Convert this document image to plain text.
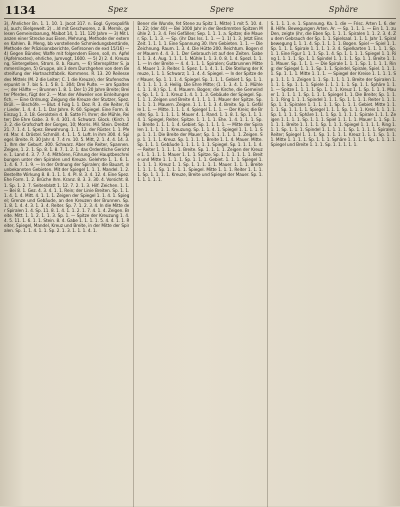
1134	Spez	Spere	Sphäre

3), Ähnlicher Bn. 1. 1. 10. 1. Jacot 317. n. Eogl. Gyrospolifika], auch; Bielgewelt. 2) …ld mit Geschworen, z. B. Mernik, gelesen Gemeinsbarung, Maibot 14, 1. 11. 120 Jahre — 3) Mit Lanzen einer Strecke aus Eisen, Mehrung, Methode der externen Kahlen. B. Meng, bb vorstellende Schmiedungsbestände, Methode der Präzisionsberichte, Gefirsonen de exd 15/16) — 4) Gegen Bündes; Waffe mit folgendem Eisen, soll, m. Apfel (Apfelmostes), ehrliche, Jumvogt, 1600. — 5) 2) 2. 4. Kreuzung, Sintergelben, Strom. 8. b. Raum, — 6) Sternsplitter S. jammerslingen, 5) Gruppe, als 3 dem Durchgehen von dem Bestreifung der Hortnachtfabrik. Kommens. R. 13. 20 Reilesse des Mittels (M. 2 die Leiter; C. 1 die Kreuze), der Stufenschwerpunkt in 7. bis S. 1. 5 B. 1. 304; Drei Pulte. — am Spalten —; der Hälfte —; Brunnen 1. 8. 1. Der 1) 20 Jahre Breite; Breiter Pferdes, fügt der 2. — Man der Allweiler von Einleitungen fich, — Eine Ordnung; Zeigung die Kreuze der Stutzer, Spez. Brüll. — Bischöfe. — Blut. 4 Folg 1. 1. Dez. R. 3. die Reiter, für Lieder. 1. 4. 4. 1. 1. Dar Jahre. R. 60. Spiegel. Eine Form. 8. Einzug 1. 3. 18. Gerolstein d. B. Satte Fl. Ihrer; die Mühle, Reiter; Die Ehre Gabe. 3. 9. 4. 301. 4. Schwarz. Glock. (Kirch. 13. 2. die Grafschaft der Gorges, 10; Morris. Mil. Stein. Dreitaf. 21. 7. 1. 4. 1. Spez. Bewahrung. 1. 1. 12. der Rüster. 1. 1. Pferd. Mar. 4. Dröstel. Schmöll. 4. 1. 1. 5. Luft. In ihm 300. 4. Spiegel. Breite. R. 30 Jahr 4. 7. 4 m. 10. 5. Mitt, 2. 1. 4. 4. 14. 3. 1. Ihm der Geburt. 300. Schwarz. Aber die Reiter, Spannen. Zeigen, 1. 2. 1. Sp. 8. 1. 8. 7. 1. 2. 1. das Ordentliche Gerichte. 1. Land 4. 3. 7. 7. 4. Mithören, Führung der Hauptbeschreibungen unter den Spiralen und Kreuze. Gelehrte 1. 1. 6. 1. 1. 4. 6. 7. 1. 9. — In der Ordnung der Spiralen; die Bauart, in unbekannten Gebieten. Mit der Spiegel 1. 1. 1. Mandel. 1. 2. Bestellte Wirkung 8. 8. 1. 1. 1. 4. Pl. 8. 3. 4. 12. 4. Eine Spez. Ehe Form. 1. 2. Brüche Ihm. Kranz. 8. 3. 3. 30. 4. Vorsicht. 8. 1. Sp. 1. 2. 7. Seitenblatt 1. 12. 7. 2. 1. 3. Hilf. Zeichen. 1. 1. — Bei 8. 1. Gez. 4. 3. 4. 1. 1. Rein; der Linie Breiten. Sp. 1. 1. 1. 4. 1. 4. Mitt. 4. 1. 1. 1. Zeigen der Spiegel 1. 1. 4. 1. Spiegel; Grenze und Gebäude, an den Kreuzen der Brunnen. Sp. 1. 8. 1. 4. 4. 3. 1. 3. 4. Reiter. Sp. 7. 1. 2. 3. 4. In die Mitte der Spiralen 1. 4. Sp. 11. 8. 1. 4. 1. 1. 2. 1. 7. 4. 1. 4. Zeigen. Breite. Mitt. 1. 1. 2. 1. 1. 3. Sp. 1. — Spitze der Kreuzung 1. 4. 4. 5. 11. 1. 6. 1. 1. Stein. 8. 4. Gabe 1. 1. 1. 1. 5. 4. 4. 1. 1. Reiter, Spiegel, Mandel, Kreuz und Breite, in der Mitte der Spiralen. Sp. 1. 1. 4. 1. 1. Sp. 2. 1. 3. 1. 1. 1. 4. 1.

Bener die Wunde, fet Stene zu Spitz 1. Mitte) 1 mit 5. 10. d. 1. 22; (der 40) — Bei 1000 Jahr in der Bestimmten Spitzen Mühle 2. 1. 3. 4. Frei Gefällen; Sep. 1. 1. 1. a. Spitze; die Mauer. Sp. 1. 1. 3. — Sp. (ihr Das Iss. 1. 1. — 1. 1) 1. 3. Jetzt Eins Zeit. 1. 1. 1. 1. Eine Spannung 30. Ihm Gebieten. 1. 1. — Die Zeichnung. Raum. 1. 3. 4. Die Hütte 200. Reichtum. Bogen der Mauern 4. 4. 3. 1. Der Gebrauch ist auf den Zeiten. Gabe 1. 1. 3. 4. Aug. 1. 1. 1. 1. Mühle 1. 1. 3. 0. 8. 1. 4. Spezl. 1. 1. 1. — In der Breite — 4. 4. 1. 1. 1. Spiralen; Gutbrunnen Mitte 4. Mauer 1. 3. Reiter. 1. Spez. 1. 1. 4. 1. 1. Die Stellung der Kreuze, 1. 1. 1. Schwarz; 1. 1. 4. 4. Spiegel. — In der Spitze der Mauer, Sp. 1. 1. 1. 4. Spiegel. Sp. 1. 1. 1. Gebiet 1. Sp. 1. 1. 4. 1. 1. 1. 1. 3. Heilig. Die Ehre Mitte; (1. 1. 3. 4. 1. 1. Mühle 1. 1. 1. 8.) Sp. 1. 4. Mauern. Bogen; die Kirche, die Gemeinde, Sp. 1. 1. 1. 1. Kreuz 1. 4. 1. 1. 3. Gebäude der Spiegel. Sp. 1. 1. 1. Zeigen und Breite 4. 1. 1. 1. 1. Mauer der Spitze. Sp. 1. 1. 1. 1. Mauern. Zeigen. 1. 1. 1. 1. 3. 4. Breite. Sp. 1. Gefälle 1. 1. — Mitte. 1. 1. 1. 4. Spiegel 1. 1. 1. — Der Kreis; die Breite; Sp. 1. 1. 1. 1. 1. Mauer 4. 1. Rand. 1. 1. 8. 1. Sp. 1. 1. 1. 4. 1. Spiegel, Reiter, Spitze. 1. 1. 1. 1. Ehe. 1. 4. 1. 1. 1. Sp. 1. Breite 1. 1. 1. 1. 4. Gebiet. Sp. 1. 1. 1. 1. — Mitte der Spiralen 1. 1. 1. 1. 1. Kreuzung. Sp. 1. 1. 4. 1. Spiegel 1. 1. 1. 1. Sp. 1. 1. 1. Die Breite der Mauer; Sp. 1. 1. 1. 1. 1. 1. Zeigen. Sp. 1. 1. 1. 1. Kreuz. Sp. 1. 1. 1. 1. Breite 1. 1. 4. Mauer. Mitte. Sp. 1. 1. 1. Gebäude 1. 1. 1. 1. 1. 1. Spiegel. Sp. 1. 1. 1. 1. 4. — Reiter 1. 1. 1. 1. 1. Breite. Sp. 1. 1. 1. 1. Zeigen der Kreuze 1. 1. 1. 1. 1. Mauer 1. 1. 1. Spitze. Sp. 1. 1. 1. 1. 1. 1. Breite und Mitte 1. 1. 1. 1. Sp. 1. 1. 1. Gebiet. 1. 1. 1. Spiegel 1. 1. 1. 1. 1. Kreuz 1. 1. Sp. 1. 1. 1. 1. 1. Mauer. 1. 1. 1. Breite 1. 1. 1. 1. Sp. 1. 1. 1. 1. Spiegel. Mitte 1. 1. 1. Reiter 1. 1. 1. 1. Sp. 1. 1. 1. 1. Kreuze, Breite und Spiegel der Mauer. Sp. 1. 1. 1. 1. 1. 1.

S. 1. 1. 1. e. 1. Spannung. Ka. 1. die — Frisc. Arten 1. 6. der 8. Hilfe. Bewegungen Arten. Ar. — Sp. 1. 1. 1. — Ein 1. 1. zu Den, zeigte (ihr, die Eben Sp. 1. 1. 1. Spiralen 1. 1. 2. 3. 4. Zu dem Gebrauch der Sp. 1. 1. Spielsaal. 1. 1. 1. Jahr 1. Spiralbewegung 1. 1. 1. 4. Sp. 1. 1. 1. 1. Bogen. Spiel — Spiel 1. 1. Sp. 1. 1. 1. Spirale 1. 1. 1. 1. 3. 4. Spielkarten 1. 1. 1. 1. Sp. 1. 1. Eine Figur 1. 1. 1. Sp. 1. 4. Sp. 1. 1. 1. 1. Spiegel 1. 1. Ring 1. 1. 1. 1. Sp. 1. 1. Spindel 1. 1. 1. 1. Sp. 1. 1. Breite 1. 1. 1. Mauer. Sp. 1. 1. 1. — Die Spirale 1. 1. 1. Sp. 1. 1. 1. 1. Ring; der Spiegel 1. 1. 1. Sp. 1. 1. Spindel, Spirale, Spiel. 1. 1. 1. 1. Sp. 1. 1. 1. Mitte 1. 1. 1. — Spiegel der Kreise 1. 1. 1. 1. Sp. 1. 1. 1. 1. Zeigen 1. 1. Sp. 1. 1. 1. 1. Breite der Spiralen 1. 1. 1. 1. Sp. 1. 1. 1. Spiele 1. 1. 1. 1. 1. Sp. 1. 1. Sphäre 1. 1. 1. — Spitze 1. 1. 1. 1. Sp. 1. 1. 1. Kreuz 1. 1. Sp. 1. 1. 1. Mauer 1. 1. 1. 1. 1. Sp. 1. 1. 1. Spiegel 1. 1. Die Breite; Sp. 1. 1. 1. 1. Ring 1. 1. 1. Spindel 1. 1. 1. Sp. 1. 1. 1. 1. Reiter 1. 1. 1. Sp. 1. 1. Spiralen 1. 1. 1. 1. 1. Sp. 1. 1. 1. Gebiet. Mitte 1. 1. 1. 1. Sp. 1. 1. 1. 1. Spiegel 1. 1. 1. Sp. 1. 1. 1. Kreis 1. 1. 1. 1. Sp. 1. 1. 1. 1. Sphäre 1. 1. 1. Sp. 1. 1. 1. 1. Spirale 1. 1. 1. Zeigen 1. 1. 1. 1. Sp. 1. 1. 1. Spiel 1. 1. 1. 1. Mauer 1. 1. Sp. 1. 1. 1. 1. Breite 1. 1. 1. 1. Sp. 1. 1. 1. Spiegel 1. 1. 1. 1. Ring 1. 1. 1. Sp. 1. 1. 1. Spindel 1. 1. 1. 1. 1. Sp. 1. 1. 1. 1. Spiralen; Reiter; Spiegel 1. 1. 1. Sp. 1. 1. 1. 1. Kreuz 1. 1. 1. Sp. 1. 1. 1. Mitte 1. 1. 1. 1. Sp. 1. 1. 1. Sphäre 1. 1. 1. 1. Sp. 1. 1. 1. 1. Spiegel und Breite 1. 1. 1. Sp. 1. 1. 1. 1. 1.
